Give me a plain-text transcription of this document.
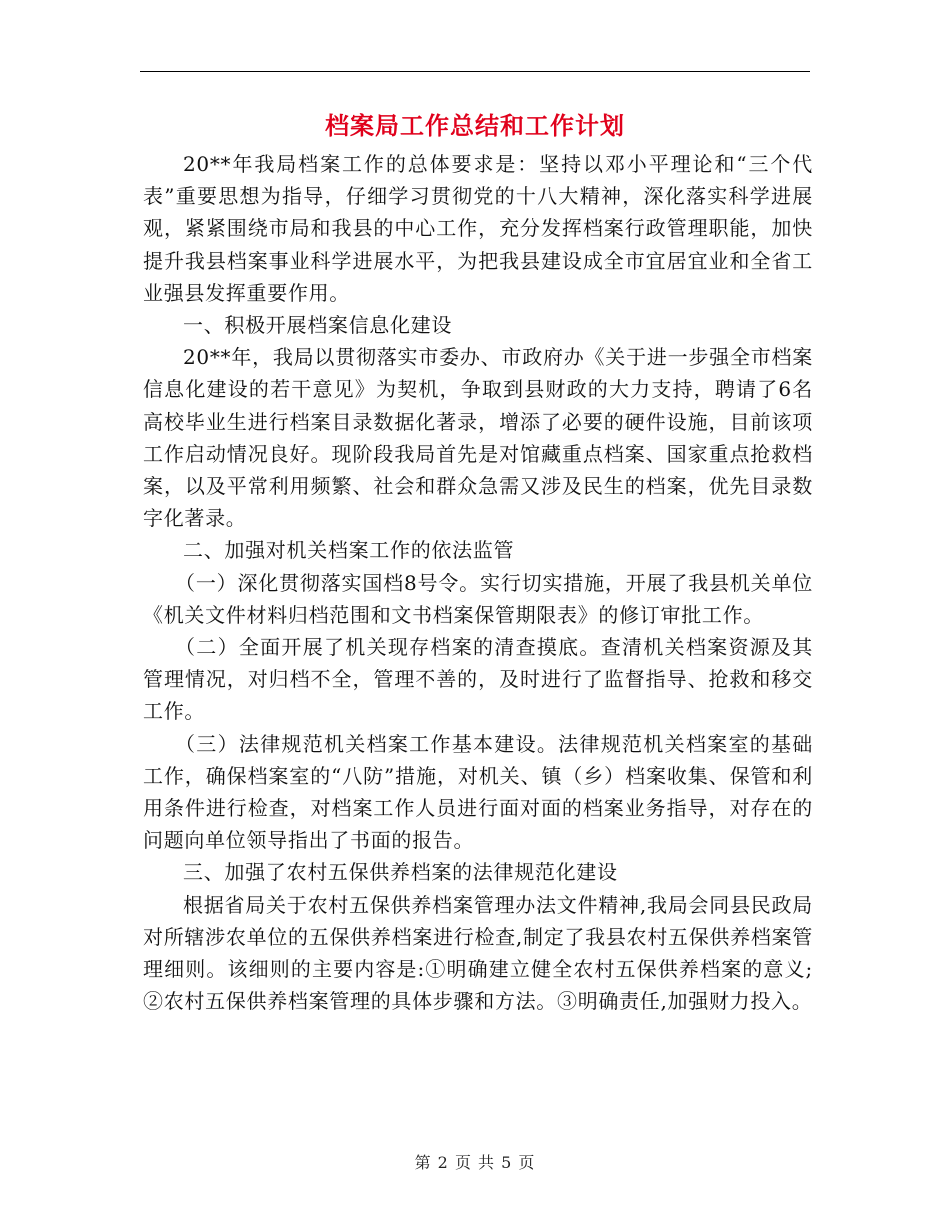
档案局工作总结和工作计划

20**年我局档案工作的总体要求是：坚持以邓小平理论和“三个代表”重要思想为指导，仔细学习贯彻党的十八大精神，深化落实科学进展观，紧紧围绕市局和我县的中心工作，充分发挥档案行政管理职能，加快提升我县档案事业科学进展水平，为把我县建设成全市宜居宜业和全省工业强县发挥重要作用。

一、积极开展档案信息化建设

20**年，我局以贯彻落实市委办、市政府办《关于进一步强全市档案信息化建设的若干意见》为契机，争取到县财政的大力支持，聘请了6名高校毕业生进行档案目录数据化著录，增添了必要的硬件设施，目前该项工作启动情况良好。现阶段我局首先是对馆藏重点档案、国家重点抢救档案，以及平常利用频繁、社会和群众急需又涉及民生的档案，优先目录数字化著录。

二、加强对机关档案工作的依法监管

（一）深化贯彻落实国档8号令。实行切实措施，开展了我县机关单位《机关文件材料归档范围和文书档案保管期限表》的修订审批工作。

（二）全面开展了机关现存档案的清查摸底。查清机关档案资源及其管理情况，对归档不全，管理不善的，及时进行了监督指导、抢救和移交工作。

（三）法律规范机关档案工作基本建设。法律规范机关档案室的基础工作，确保档案室的“八防”措施，对机关、镇（乡）档案收集、保管和利用条件进行检查，对档案工作人员进行面对面的档案业务指导，对存在的问题向单位领导指出了书面的报告。

三、加强了农村五保供养档案的法律规范化建设

根据省局关于农村五保供养档案管理办法文件精神,我局会同县民政局对所辖涉农单位的五保供养档案进行检查,制定了我县农村五保供养档案管理细则。该细则的主要内容是:①明确建立健全农村五保供养档案的意义;②农村五保供养档案管理的具体步骤和方法。③明确责任,加强财力投入。

第 2 页 共 5 页
